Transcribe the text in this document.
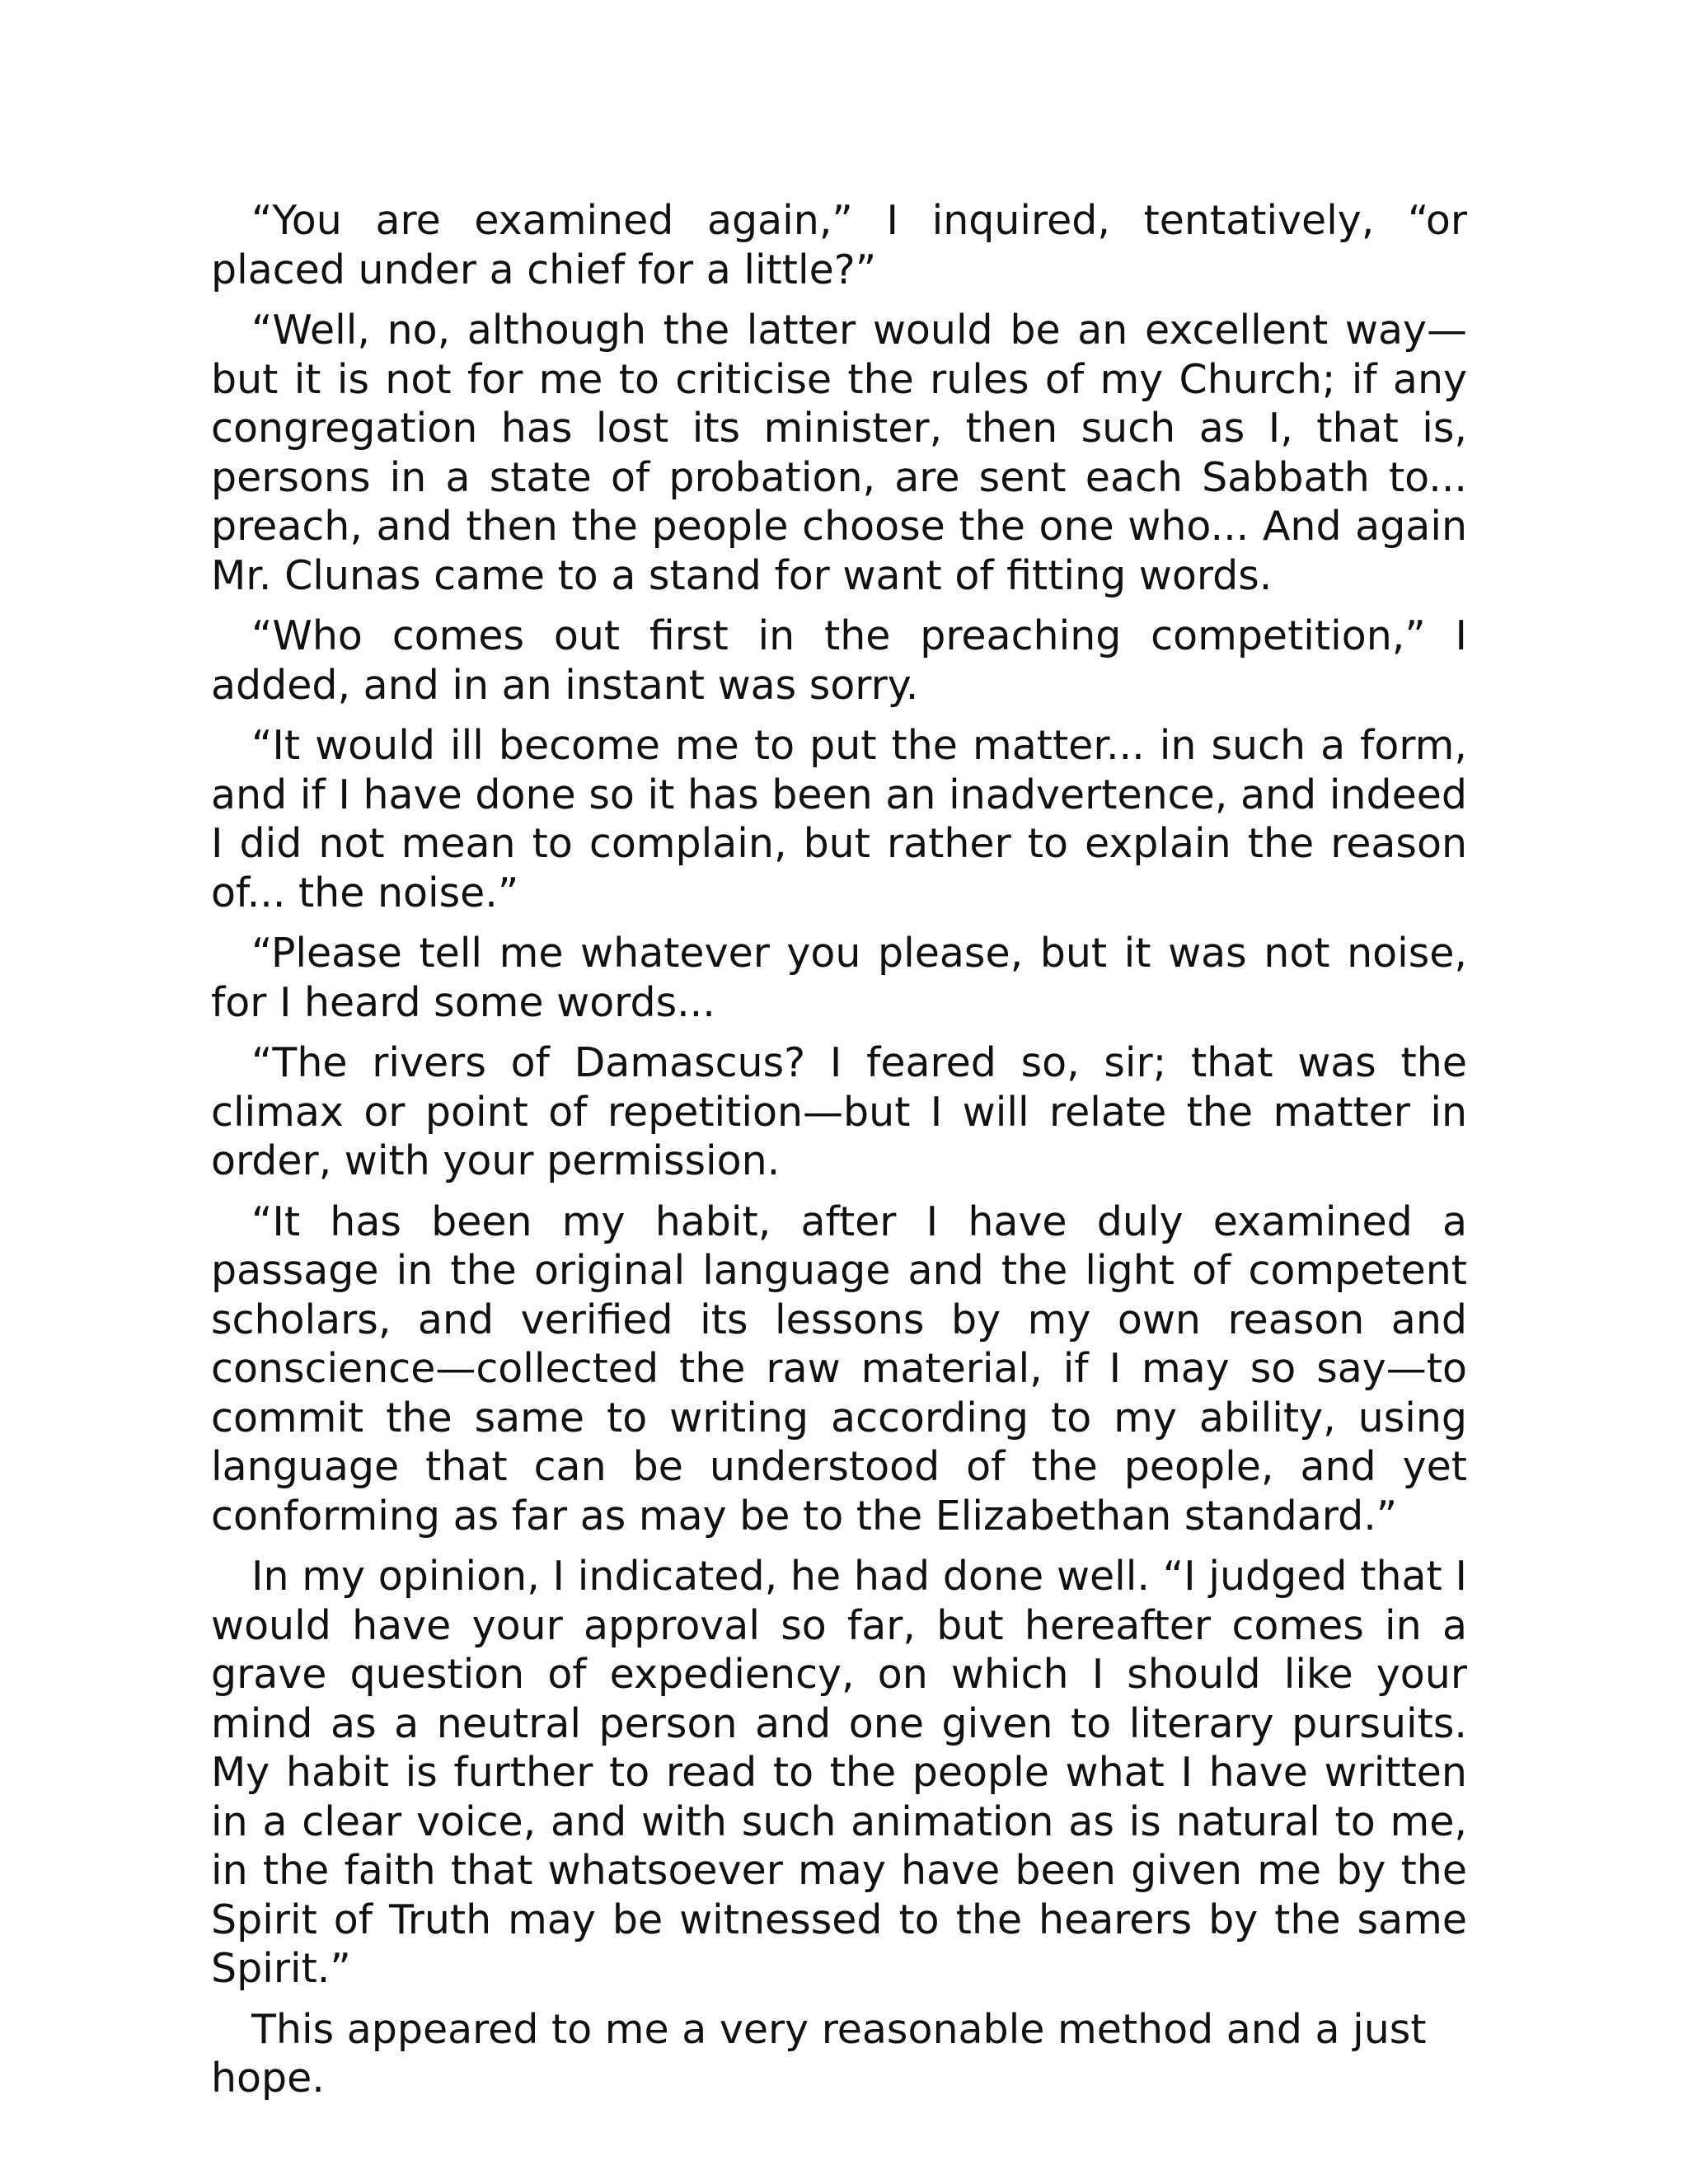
“You are examined again,” I inquired, tentatively, “or placed under a chief for a little?”

“Well, no, although the latter would be an excellent way—but it is not for me to criticise the rules of my Church; if any congregation has lost its minister, then such as I, that is, persons in a state of probation, are sent each Sabbath to... preach, and then the people choose the one who... And again Mr. Clunas came to a stand for want of fitting words.

“Who comes out first in the preaching competition,” I added, and in an instant was sorry.

“It would ill become me to put the matter... in such a form, and if I have done so it has been an inadvertence, and indeed I did not mean to complain, but rather to explain the reason of... the noise.”

“Please tell me whatever you please, but it was not noise, for I heard some words...

“The rivers of Damascus? I feared so, sir; that was the climax or point of repetition—but I will relate the matter in order, with your permission.

“It has been my habit, after I have duly examined a passage in the original language and the light of competent scholars, and verified its lessons by my own reason and conscience—collected the raw material, if I may so say—to commit the same to writing according to my ability, using language that can be understood of the people, and yet conforming as far as may be to the Elizabethan standard.”

In my opinion, I indicated, he had done well. “I judged that I would have your approval so far, but hereafter comes in a grave question of expediency, on which I should like your mind as a neutral person and one given to literary pursuits. My habit is further to read to the people what I have written in a clear voice, and with such animation as is natural to me, in the faith that whatsoever may have been given me by the Spirit of Truth may be witnessed to the hearers by the same Spirit.”

This appeared to me a very reasonable method and a just hope.
